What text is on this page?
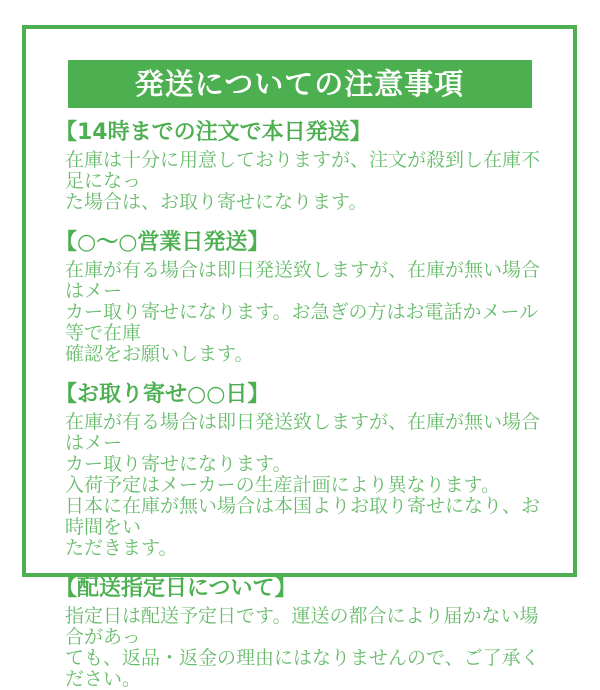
発送についての注意事項
【14時までの注文で本日発送】
在庫は十分に用意しておりますが、注文が殺到し在庫不足になっ
た場合は、お取り寄せになります。
【○〜○営業日発送】
在庫が有る場合は即日発送致しますが、在庫が無い場合はメー
カー取り寄せになります。お急ぎの方はお電話かメール等で在庫
確認をお願いします。
【お取り寄せ○○日】
在庫が有る場合は即日発送致しますが、在庫が無い場合はメー
カー取り寄せになります。
入荷予定はメーカーの生産計画により異なります。
日本に在庫が無い場合は本国よりお取り寄せになり、お時間をい
ただきます。
【配送指定日について】
指定日は配送予定日です。運送の都合により届かない場合があっ
ても、返品・返金の理由にはなりませんので、ご了承ください。
